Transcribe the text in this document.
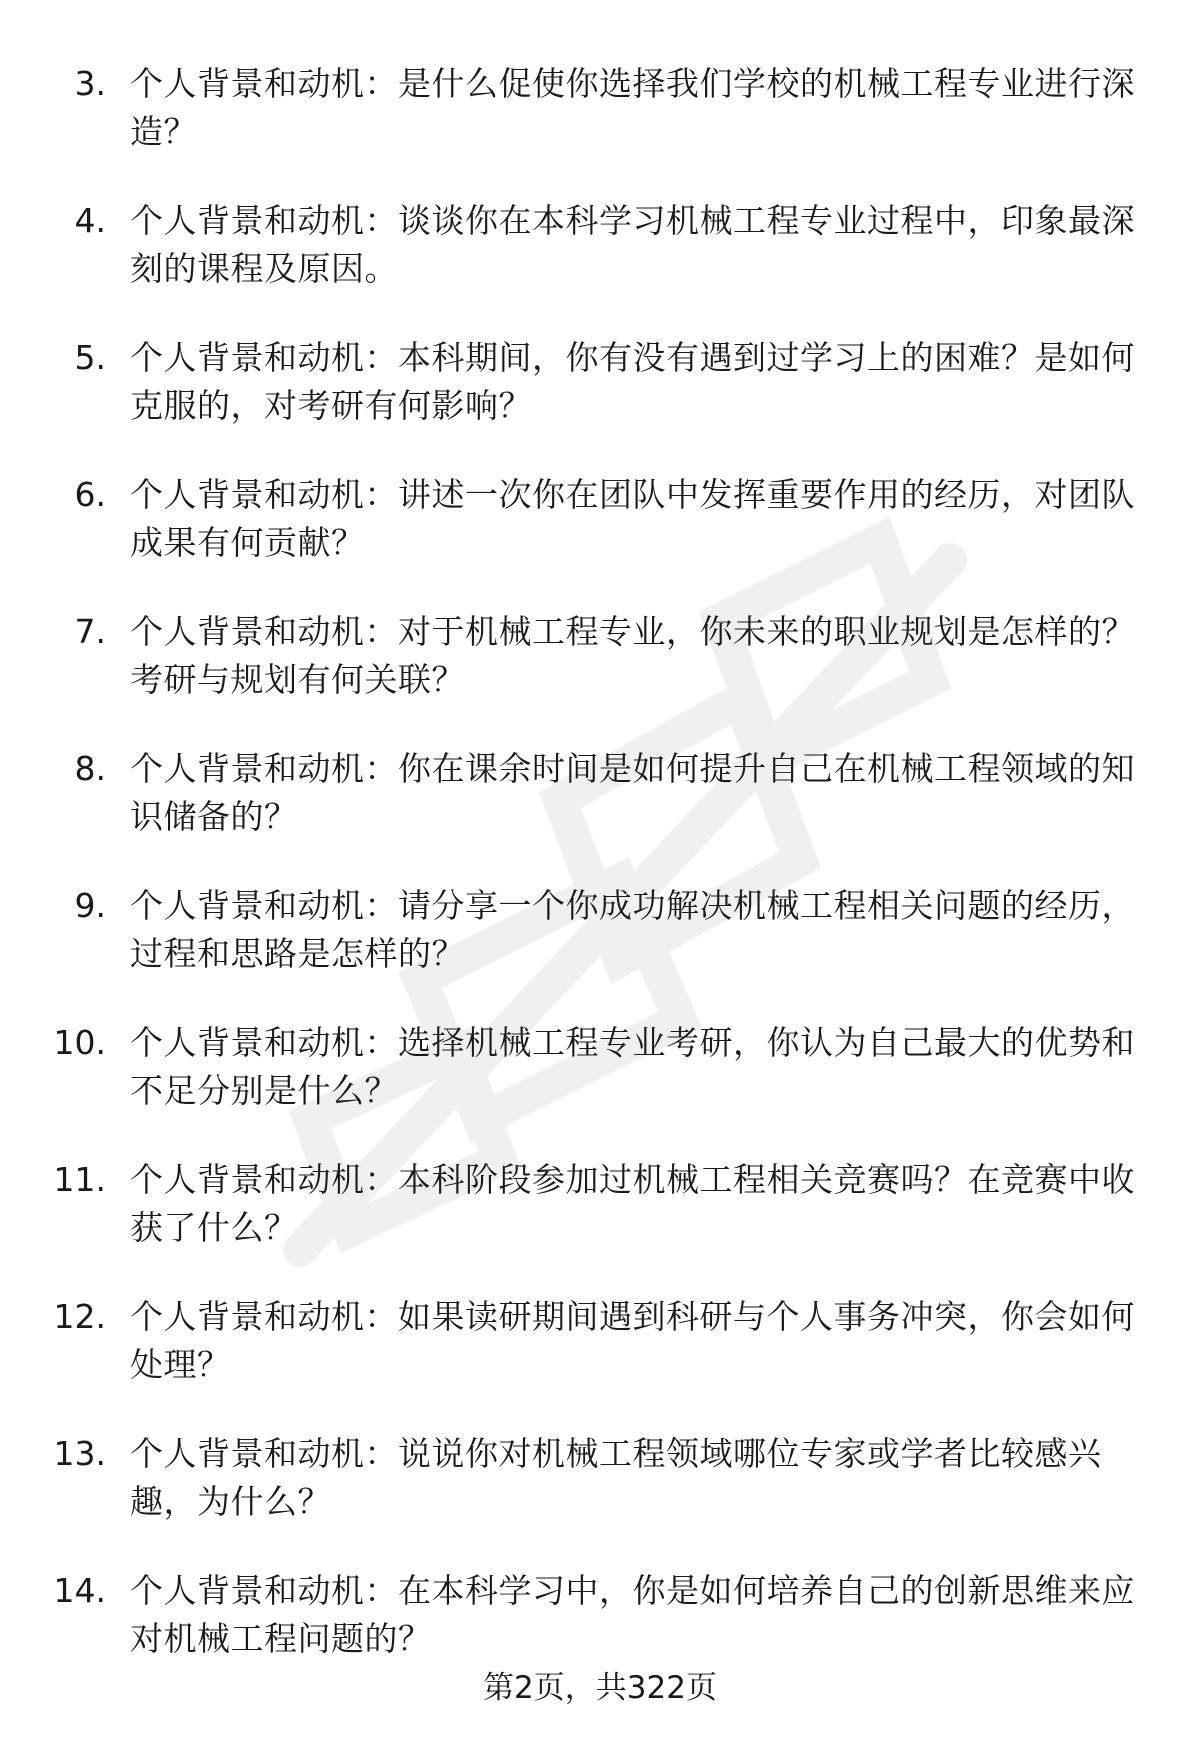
3. 个人背景和动机：是什么促使你选择我们学校的机械工程专业进行深造？
4. 个人背景和动机：谈谈你在本科学习机械工程专业过程中，印象最深刻的课程及原因。
5. 个人背景和动机：本科期间，你有没有遇到过学习上的困难？是如何克服的，对考研有何影响？
6. 个人背景和动机：讲述一次你在团队中发挥重要作用的经历，对团队成果有何贡献？
7. 个人背景和动机：对于机械工程专业，你未来的职业规划是怎样的？考研与规划有何关联？
8. 个人背景和动机：你在课余时间是如何提升自己在机械工程领域的知识储备的？
9. 个人背景和动机：请分享一个你成功解决机械工程相关问题的经历，过程和思路是怎样的？
10. 个人背景和动机：选择机械工程专业考研，你认为自己最大的优势和不足分别是什么？
11. 个人背景和动机：本科阶段参加过机械工程相关竞赛吗？在竞赛中收获了什么？
12. 个人背景和动机：如果读研期间遇到科研与个人事务冲突，你会如何处理？
13. 个人背景和动机：说说你对机械工程领域哪位专家或学者比较感兴趣，为什么？
14. 个人背景和动机：在本科学习中，你是如何培养自己的创新思维来应对机械工程问题的？
第2页，共322页
